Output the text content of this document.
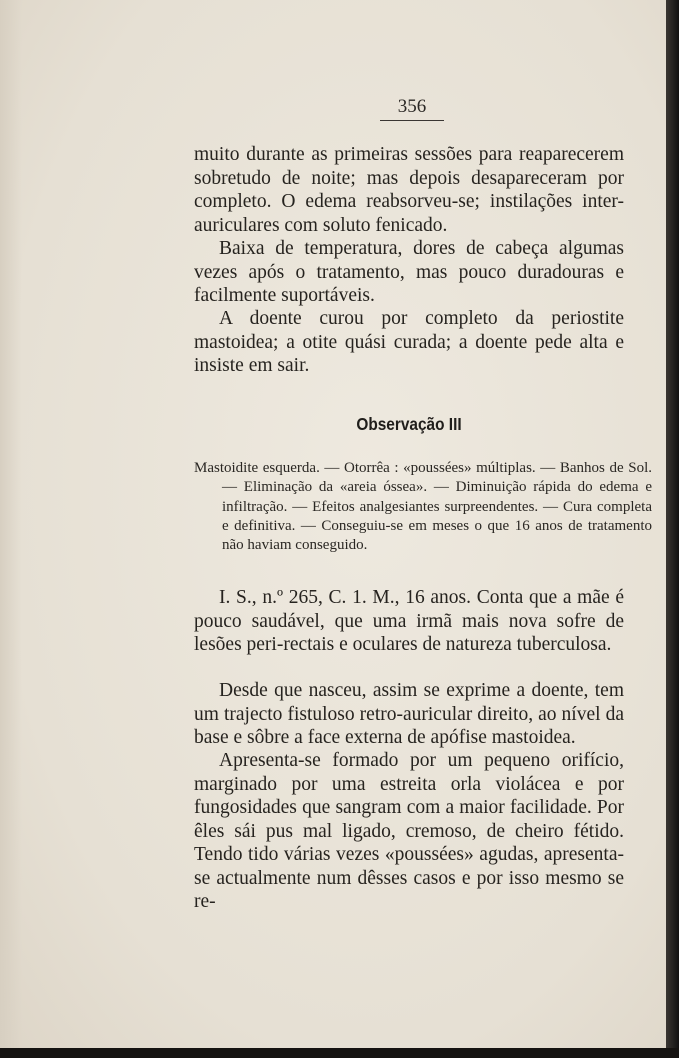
356

muito durante as primeiras sessões para reaparecerem sobretudo de noite; mas depois desapareceram por completo. O edema reabsorveu-se; instilações inter-auriculares com soluto fenicado.

Baixa de temperatura, dores de cabeça algumas vezes após o tratamento, mas pouco duradouras e facilmente suportáveis.

A doente curou por completo da periostite mastoidea; a otite quási curada; a doente pede alta e insiste em sair.

Observação III

Mastoidite esquerda. — Otorrêa : «poussées» múltiplas. — Banhos de Sol. — Eliminação da «areia óssea». — Diminuição rápida do edema e infiltração. — Efeitos analgesiantes surpreendentes. — Cura completa e definitiva. — Conseguiu-se em meses o que 16 anos de tratamento não haviam conseguido.

I. S., n.º 265, C. 1. M., 16 anos. Conta que a mãe é pouco saudável, que uma irmã mais nova sofre de lesões peri-rectais e oculares de natureza tuberculosa.

Desde que nasceu, assim se exprime a doente, tem um trajecto fistuloso retro-auricular direito, ao nível da base e sôbre a face externa de apófise mastoidea.

Apresenta-se formado por um pequeno orifício, marginado por uma estreita orla violácea e por fungosidades que sangram com a maior facilidade. Por êles sái pus mal ligado, cremoso, de cheiro fétido. Tendo tido várias vezes «poussées» agudas, apresenta-se actualmente num dêsses casos e por isso mesmo se re-
